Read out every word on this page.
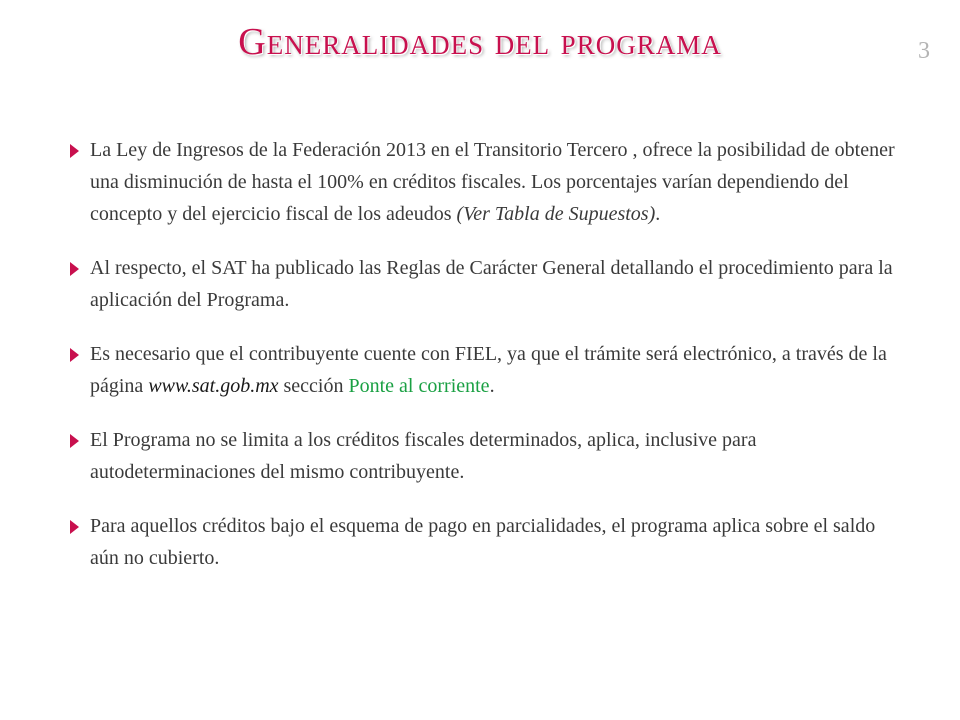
Generalidades del programa	3
La Ley de Ingresos de la Federación 2013 en el Transitorio Tercero , ofrece la posibilidad de obtener una disminución de hasta el 100% en créditos fiscales. Los porcentajes varían dependiendo del concepto y del ejercicio fiscal de los adeudos (Ver Tabla de Supuestos).
Al respecto, el SAT ha publicado las Reglas de Carácter General detallando el procedimiento para la aplicación del Programa.
Es necesario que el contribuyente cuente con FIEL, ya que el trámite será electrónico, a través de la página www.sat.gob.mx sección Ponte al corriente.
El Programa no se limita a los créditos fiscales determinados, aplica, inclusive para autodeterminaciones del mismo contribuyente.
Para aquellos créditos bajo el esquema de pago en parcialidades, el programa aplica sobre el saldo aún no cubierto.
